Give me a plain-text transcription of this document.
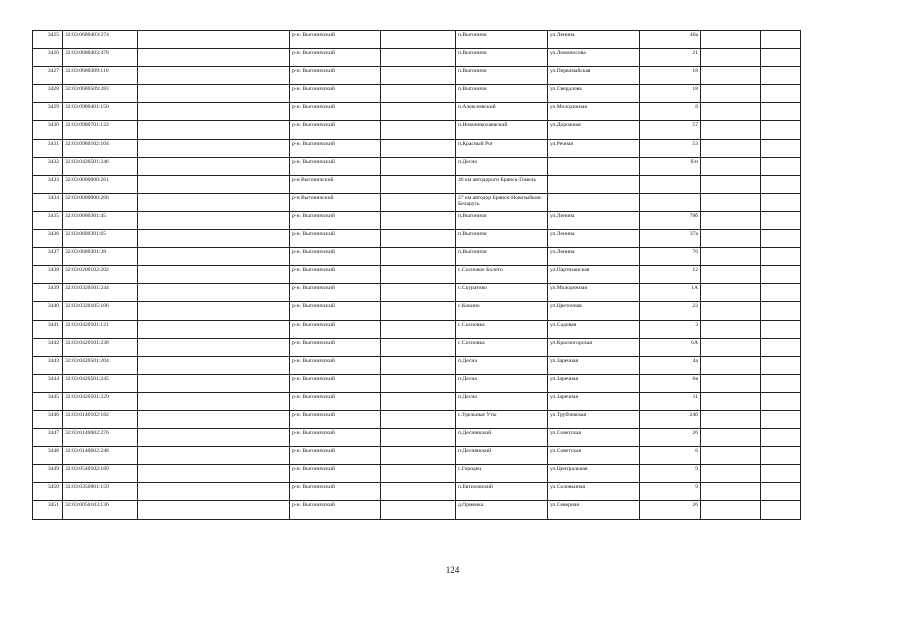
3425	32:03:0680403:374		р-н. Выгоничский		п.Выгоничи	ул.Ленина	46а		
3426	32:03:0680403:478		р-н. Выгоничский		п.Выгоничи	ул.Ломоносова	21		
3427	32:03:0680309:110		р-н. Выгоничский		п.Выгоничи	ул.Первомайская	18		
3428	32:03:0680509:283		р-н. Выгоничский		п.Выгоничи	ул.Свердлова	18		
3429	32:03:0980401:150		р-н. Выгоничский		п.Алексеевский	ул.Молодежная	8		
3430	32:03:0980701:122		р-н. Выгоничский		п.Новониколаевский	ул.Дорожная	57		
3431	32:03:0980102:104		р-н. Выгоничский		п.Красный Рог	ул.Речная	53		
3432	32:03:0420501:246		р-н. Выгоничский		п.Десна		б/н		
3433	32:03:0000000:261		р-н Выгоничский		46 км автодороги Брянск-Гомель				
3434	32:03:0000000:266		р-н Выгоничский		27 км автодор Брянск-Новозыбков-Беларусь				
3435	32:03:0680301:45		р-н. Выгоничский		п.Выгоничи	ул.Ленина	78б		
3436	32:03:0680301:65		р-н. Выгоничский		п.Выгоничи	ул.Ленина	37а		
3437	32:03:0680301:38		р-н. Выгоничский		п.Выгоничи	ул.Ленина	76		
3438	32:03:0200102:202		р-н. Выгоничский		с.Сосновое Болото	ул.Партизанская	12		
3439	32:03:0320501:244		р-н. Выгоничский		с.Скуратово	ул.Молодежная	1А		
3440	32:03:0320105:106		р-н. Выгоничский		с.Кокино	ул.Цветочная	22		
3441	32:03:0420101:121		р-н. Выгоничский		с.Сосновка	ул.Садовая	3		
3442	32:03:0420101:238		р-н. Выгоничский		с.Сосновка	ул.Красногорская	6А		
3443	32:03:0420501:204		р-н. Выгоничский		п.Десна	ул.Заречная	4а		
3444	32:03:0420501:245		р-н. Выгоничский		п.Десна	ул.Заречная	6в		
3445	32:03:0420501:229		р-н. Выгоничский		п.Десна	ул.Заречная	11		
3446	32:03:0140102:182		р-н. Выгоничский		с.Удельные Уты	ул.Трубчевская	24б		
3447	32:03:0140602:276		р-н. Выгоничский		п.Деснянский	ул.Советская	26		
3448	32:03:0140602:248		р-н. Выгоничский		п.Деснянский	ул.Советская	6		
3449	32:03:0540102:189		р-н. Выгоничский		с.Городец	ул.Центральная	9		
3450	32:03:0350801:159		р-н. Выгоничский		п.Евтиховский	ул.Соловьиная	9		
3451	32:03:0050103:136		р-н. Выгоничский		д.Орменка	ул.Северная	26		
124
